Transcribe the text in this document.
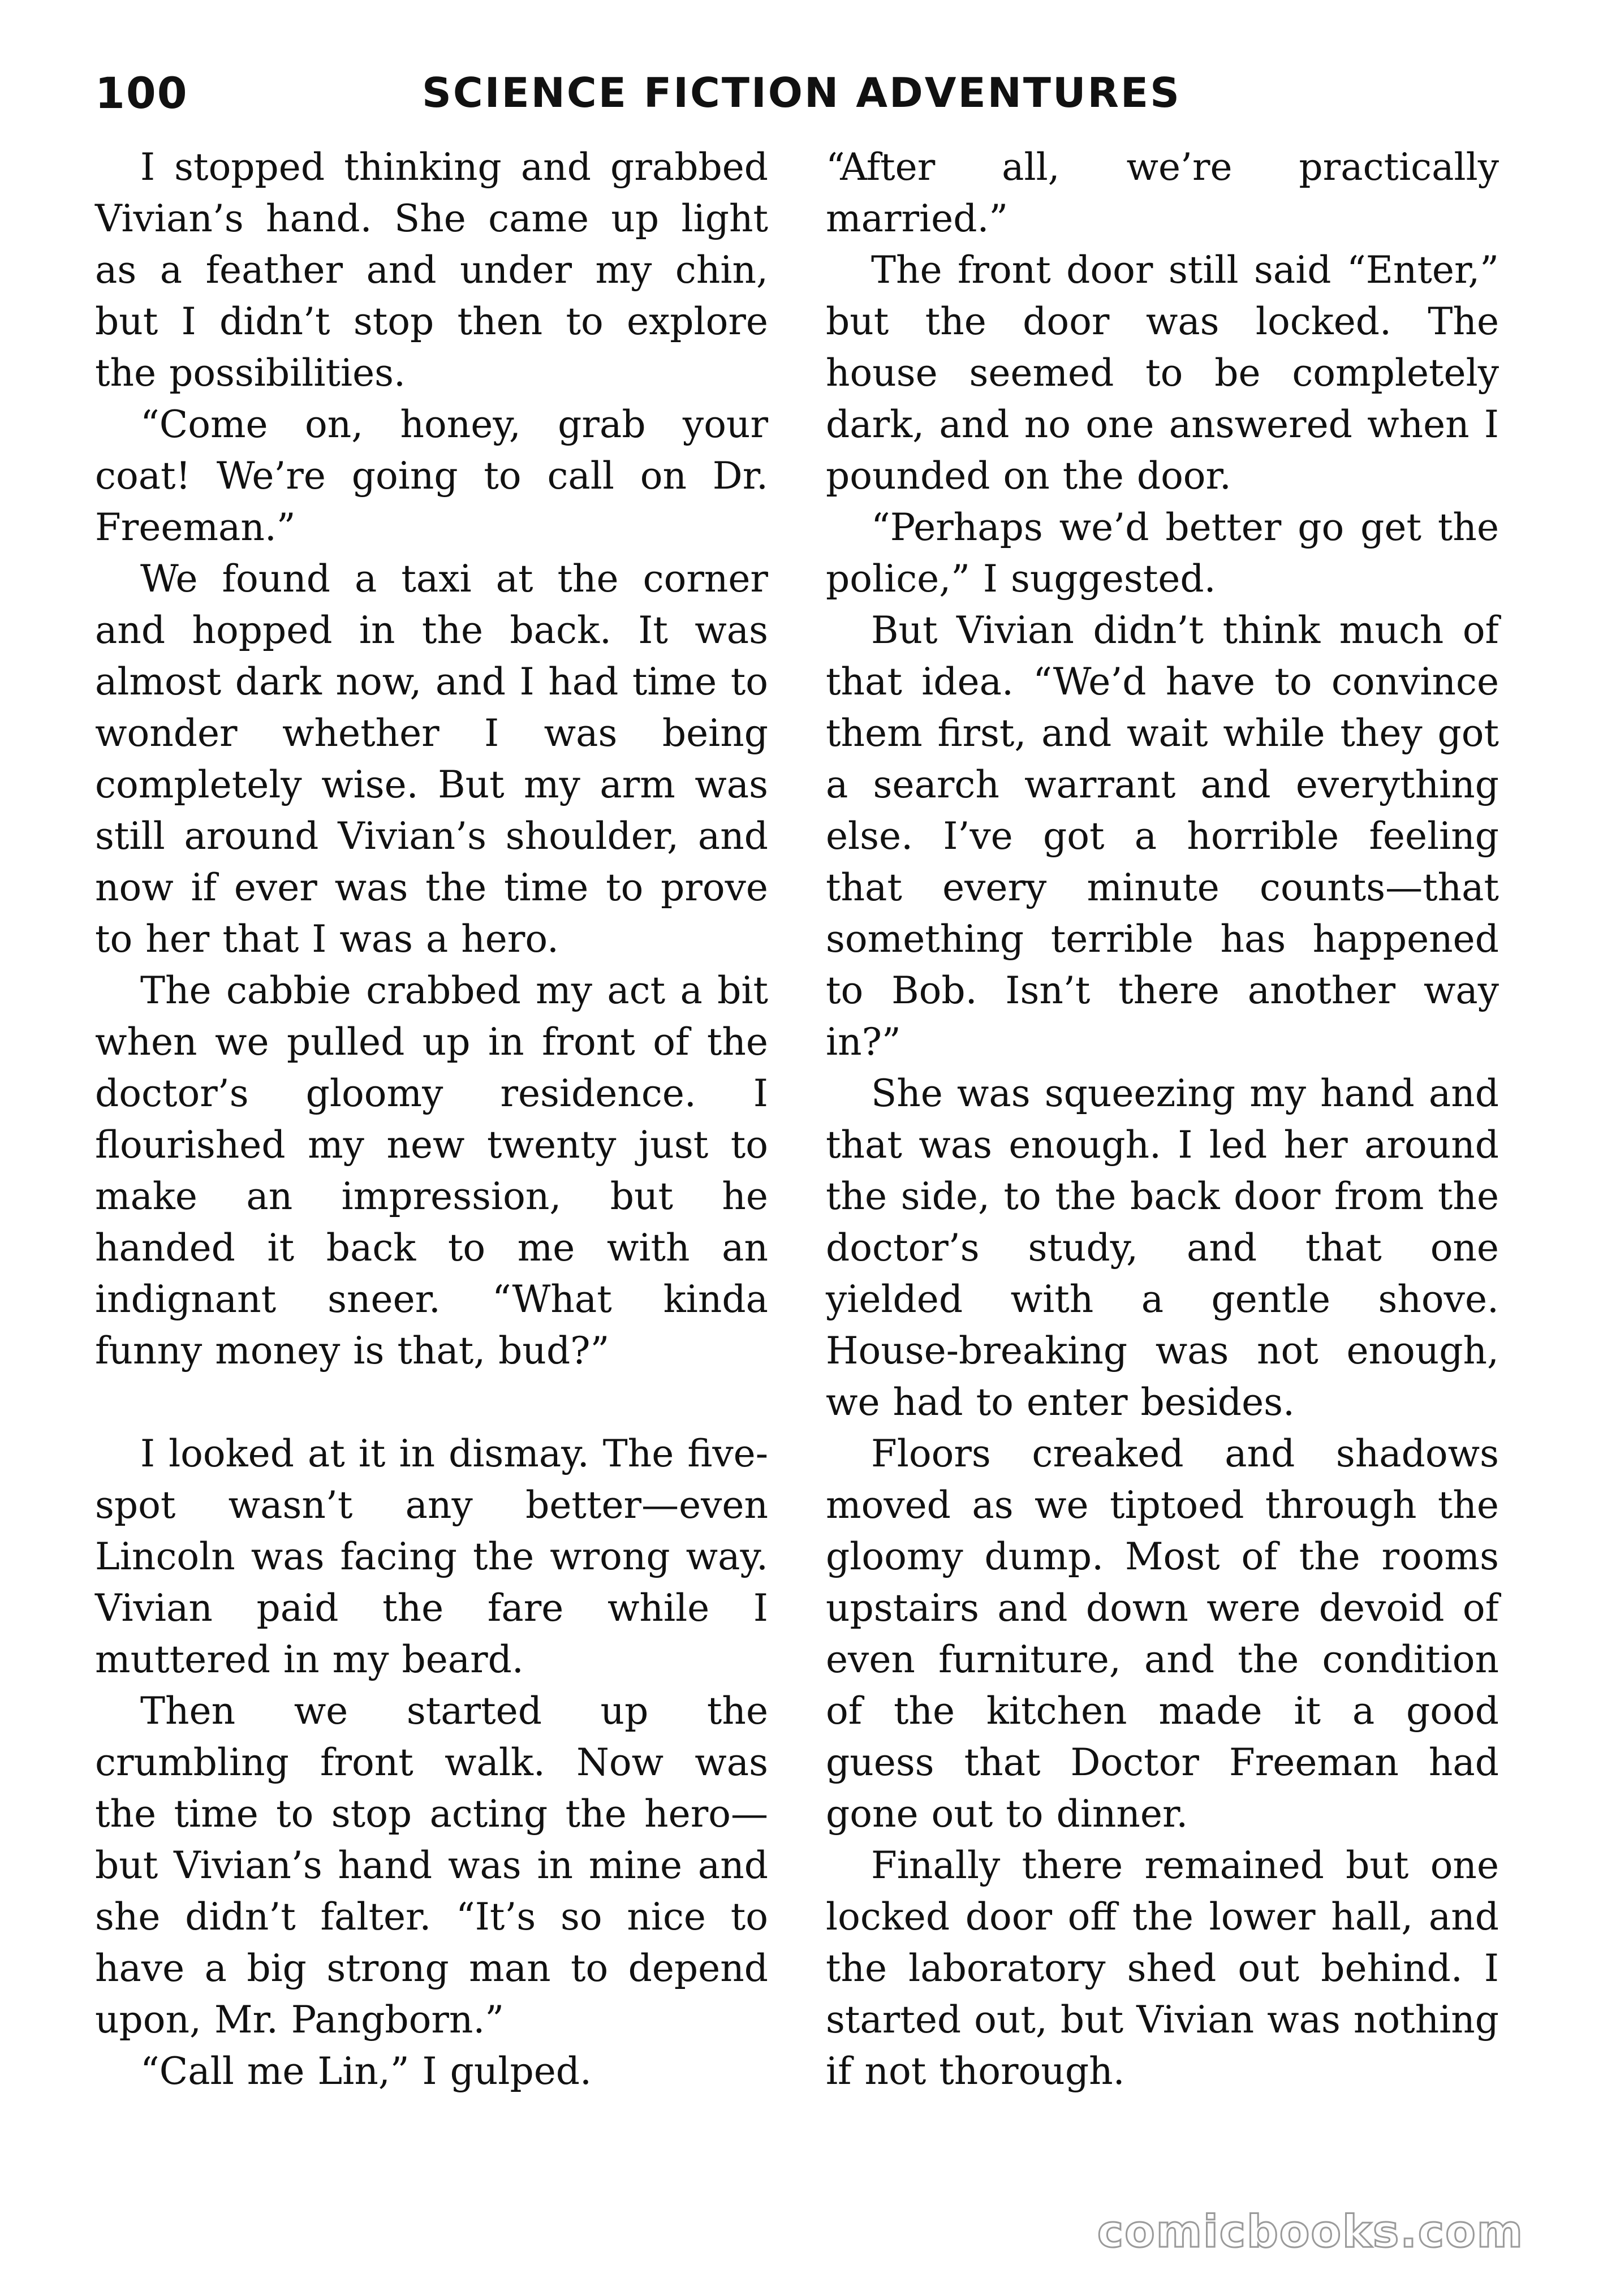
100	SCIENCE FICTION ADVENTURES

I stopped thinking and grabbed Vivian’s hand. She came up light as a feather and under my chin, but I didn’t stop then to explore the possibilities.

“Come on, honey, grab your coat! We’re going to call on Dr. Freeman.”

We found a taxi at the corner and hopped in the back. It was almost dark now, and I had time to wonder whether I was being completely wise. But my arm was still around Vivian’s shoulder, and now if ever was the time to prove to her that I was a hero.

The cabbie crabbed my act a bit when we pulled up in front of the doctor’s gloomy residence. I flourished my new twenty just to make an impression, but he handed it back to me with an indignant sneer. “What kinda funny money is that, bud?”

I looked at it in dismay. The five-spot wasn’t any better—even Lincoln was facing the wrong way. Vivian paid the fare while I muttered in my beard.

Then we started up the crumbling front walk. Now was the time to stop acting the hero—but Vivian’s hand was in mine and she didn’t falter. “It’s so nice to have a big strong man to depend upon, Mr. Pangborn.”

“Call me Lin,” I gulped.

“After all, we’re practically married.”

The front door still said “Enter,” but the door was locked. The house seemed to be completely dark, and no one answered when I pounded on the door.

“Perhaps we’d better go get the police,” I suggested.

But Vivian didn’t think much of that idea. “We’d have to convince them first, and wait while they got a search warrant and everything else. I’ve got a horrible feeling that every minute counts—that something terrible has happened to Bob. Isn’t there another way in?”

She was squeezing my hand and that was enough. I led her around the side, to the back door from the doctor’s study, and that one yielded with a gentle shove. House-breaking was not enough, we had to enter besides.

Floors creaked and shadows moved as we tiptoed through the gloomy dump. Most of the rooms upstairs and down were devoid of even furniture, and the condition of the kitchen made it a good guess that Doctor Freeman had gone out to dinner.

Finally there remained but one locked door off the lower hall, and the laboratory shed out behind. I started out, but Vivian was nothing if not thorough.

comicbooks.com
